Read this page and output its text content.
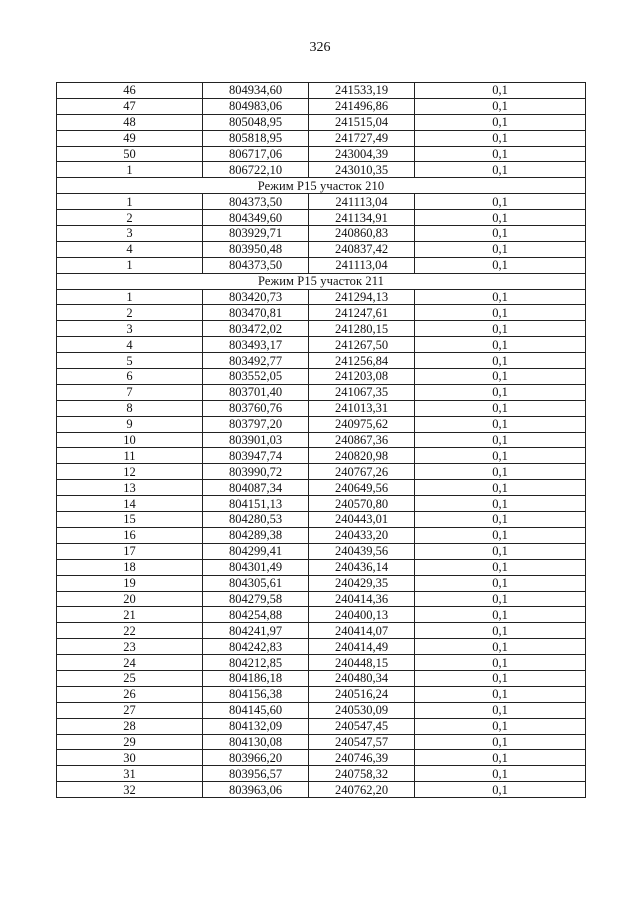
326
46	804934,60	241533,19	0,1
47	804983,06	241496,86	0,1
48	805048,95	241515,04	0,1
49	805818,95	241727,49	0,1
50	806717,06	243004,39	0,1
1	806722,10	243010,35	0,1
Режим Р15 участок 210			
1	804373,50	241113,04	0,1
2	804349,60	241134,91	0,1
3	803929,71	240860,83	0,1
4	803950,48	240837,42	0,1
1	804373,50	241113,04	0,1
Режим Р15 участок 211			
1	803420,73	241294,13	0,1
2	803470,81	241247,61	0,1
3	803472,02	241280,15	0,1
4	803493,17	241267,50	0,1
5	803492,77	241256,84	0,1
6	803552,05	241203,08	0,1
7	803701,40	241067,35	0,1
8	803760,76	241013,31	0,1
9	803797,20	240975,62	0,1
10	803901,03	240867,36	0,1
11	803947,74	240820,98	0,1
12	803990,72	240767,26	0,1
13	804087,34	240649,56	0,1
14	804151,13	240570,80	0,1
15	804280,53	240443,01	0,1
16	804289,38	240433,20	0,1
17	804299,41	240439,56	0,1
18	804301,49	240436,14	0,1
19	804305,61	240429,35	0,1
20	804279,58	240414,36	0,1
21	804254,88	240400,13	0,1
22	804241,97	240414,07	0,1
23	804242,83	240414,49	0,1
24	804212,85	240448,15	0,1
25	804186,18	240480,34	0,1
26	804156,38	240516,24	0,1
27	804145,60	240530,09	0,1
28	804132,09	240547,45	0,1
29	804130,08	240547,57	0,1
30	803966,20	240746,39	0,1
31	803956,57	240758,32	0,1
32	803963,06	240762,20	0,1
